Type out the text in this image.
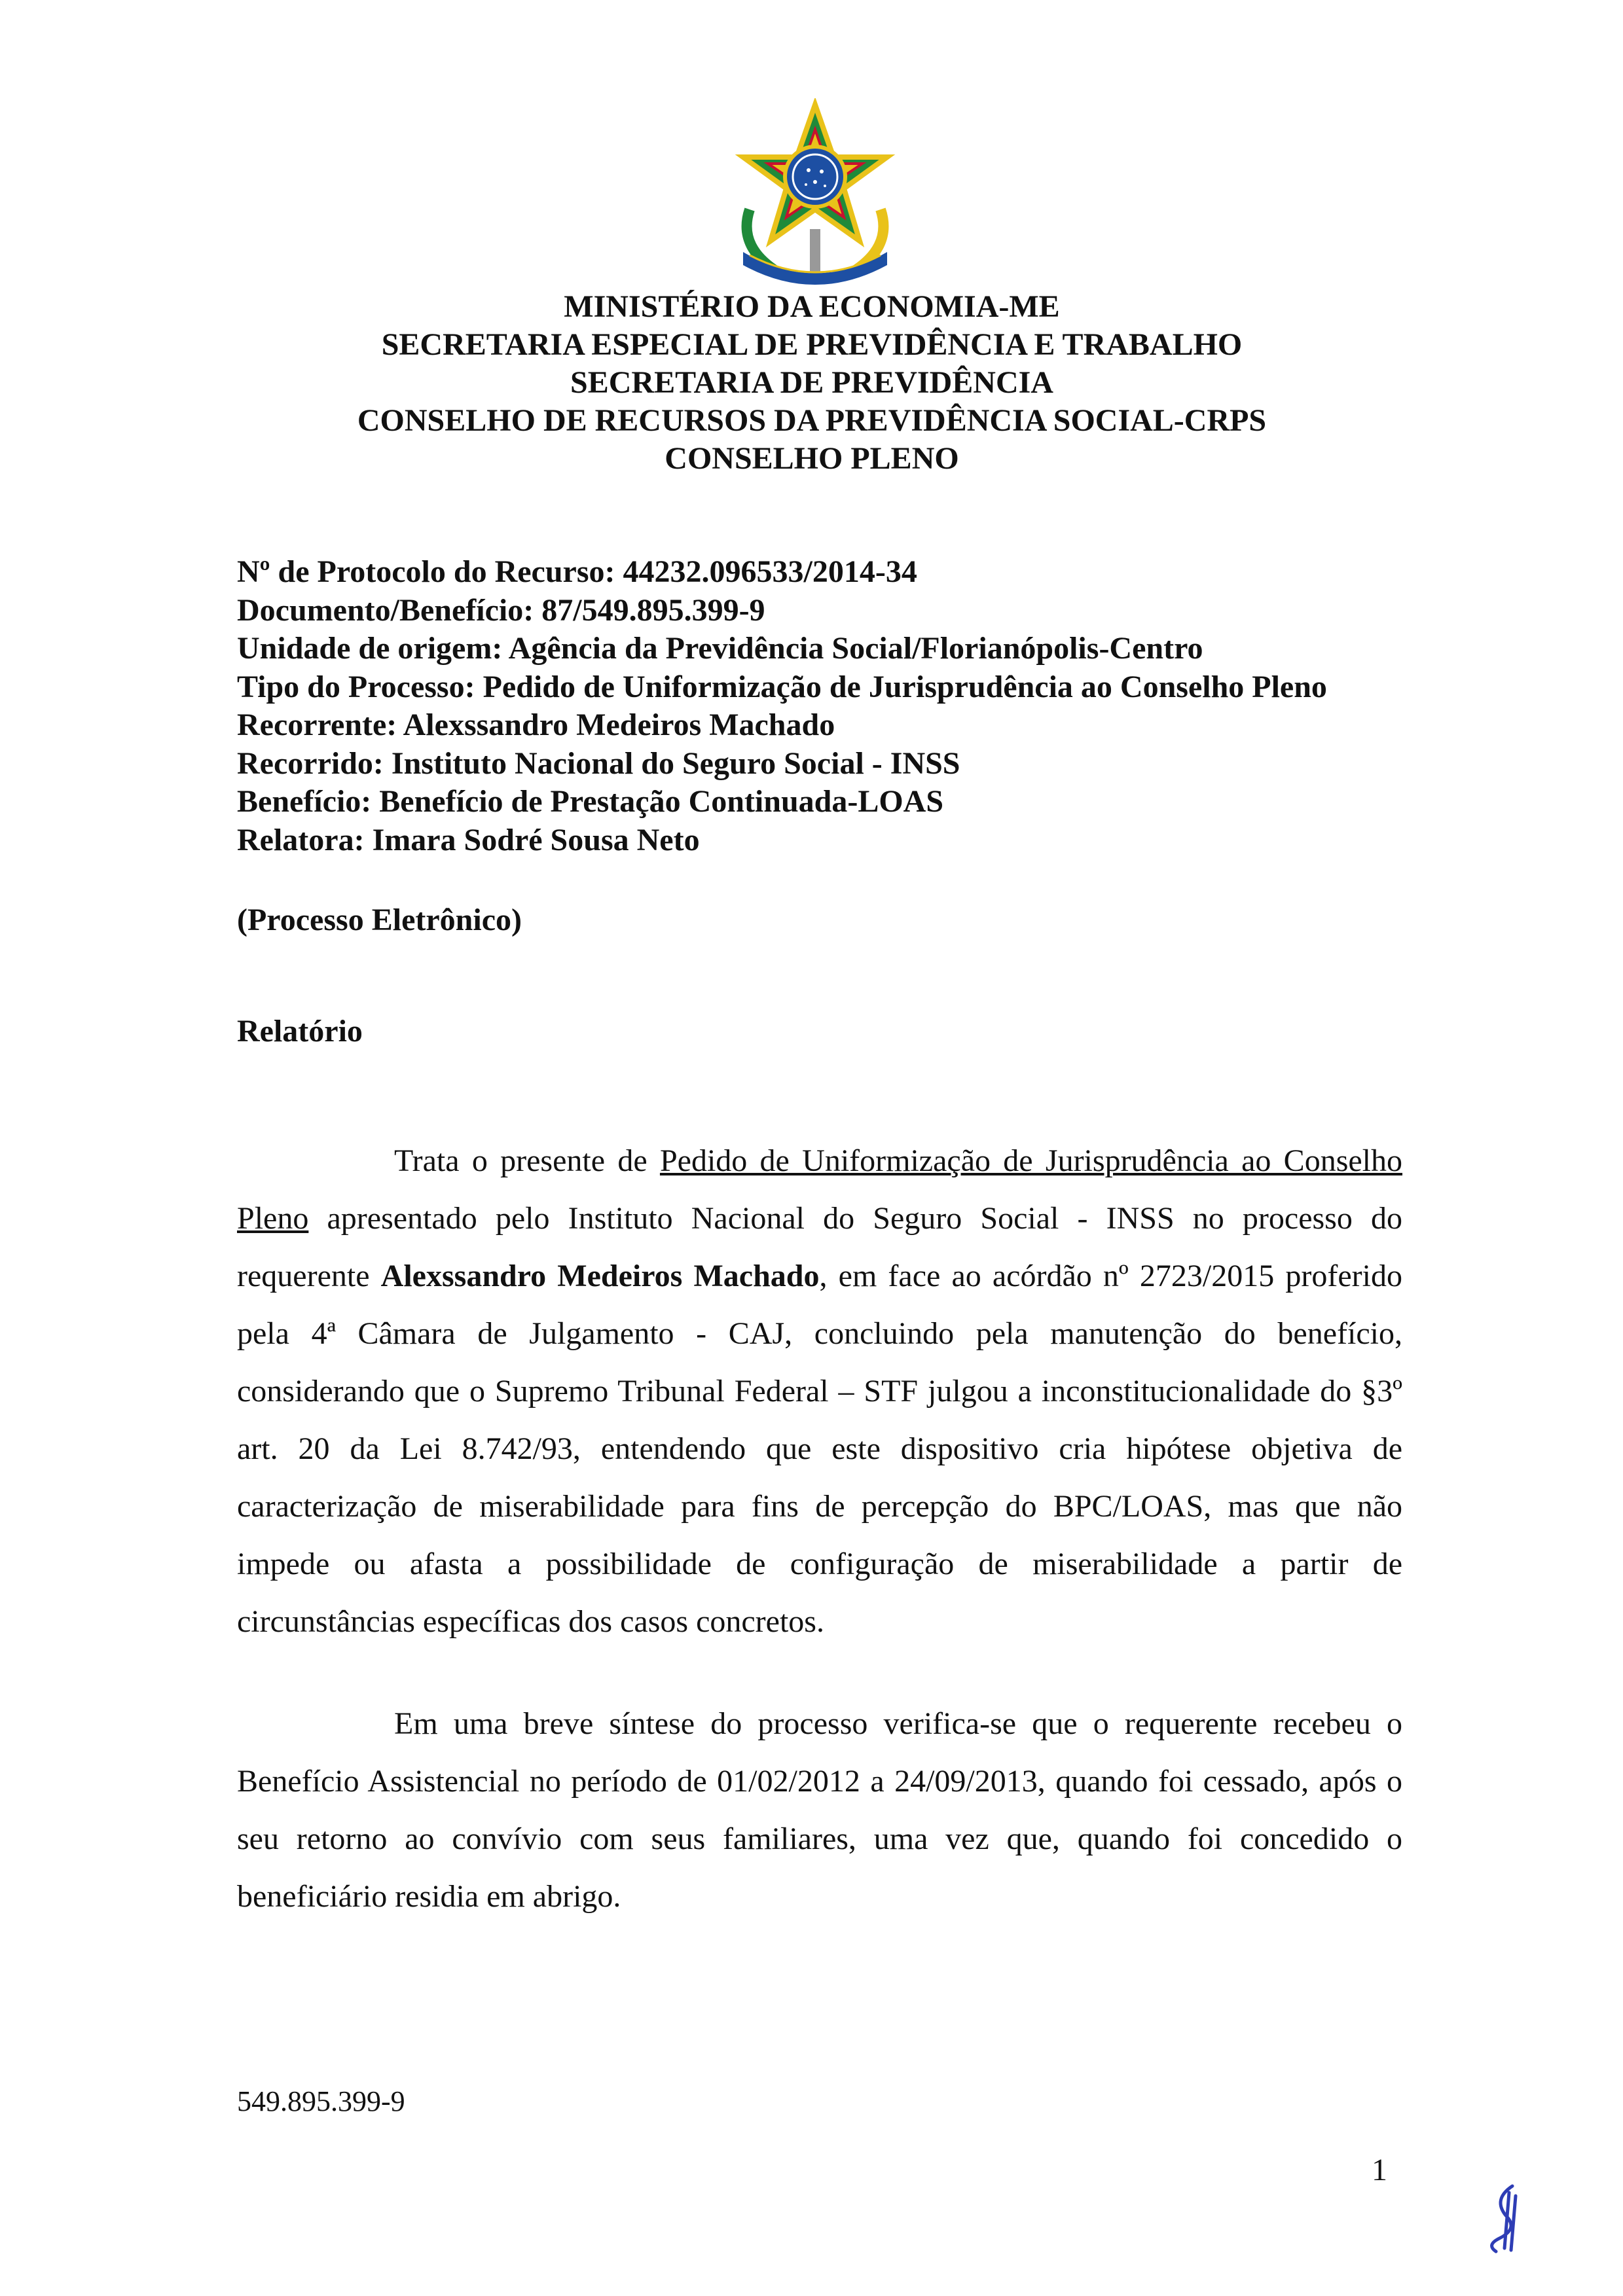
MINISTÉRIO DA ECONOMIA-ME
SECRETARIA ESPECIAL DE PREVIDÊNCIA E TRABALHO
SECRETARIA DE PREVIDÊNCIA
CONSELHO DE RECURSOS DA PREVIDÊNCIA SOCIAL-CRPS
CONSELHO PLENO
Nº de Protocolo do Recurso: 44232.096533/2014-34
Documento/Benefício: 87/549.895.399-9
Unidade de origem: Agência da Previdência Social/Florianópolis-Centro
Tipo do Processo: Pedido de Uniformização de Jurisprudência ao Conselho Pleno
Recorrente: Alexssandro Medeiros Machado
Recorrido: Instituto Nacional do Seguro Social - INSS
Benefício: Benefício de Prestação Continuada-LOAS
Relatora: Imara Sodré Sousa Neto
(Processo Eletrônico)
Relatório

Trata o presente de Pedido de Uniformização de Jurisprudência ao Conselho Pleno apresentado pelo Instituto Nacional do Seguro Social - INSS no processo do requerente Alexssandro Medeiros Machado, em face ao acórdão nº 2723/2015 proferido pela 4ª Câmara de Julgamento - CAJ, concluindo pela manutenção do benefício, considerando que o Supremo Tribunal Federal – STF julgou a inconstitucionalidade do §3º art. 20 da Lei 8.742/93, entendendo que este dispositivo cria hipótese objetiva de caracterização de miserabilidade para fins de percepção do BPC/LOAS, mas que não impede ou afasta a possibilidade de configuração de miserabilidade a partir de circunstâncias específicas dos casos concretos.

Em uma breve síntese do processo verifica-se que o requerente recebeu o Benefício Assistencial no período de 01/02/2012 a 24/09/2013, quando foi cessado, após o seu retorno ao convívio com seus familiares, uma vez que, quando foi concedido o beneficiário residia em abrigo.

549.895.399-9
1
